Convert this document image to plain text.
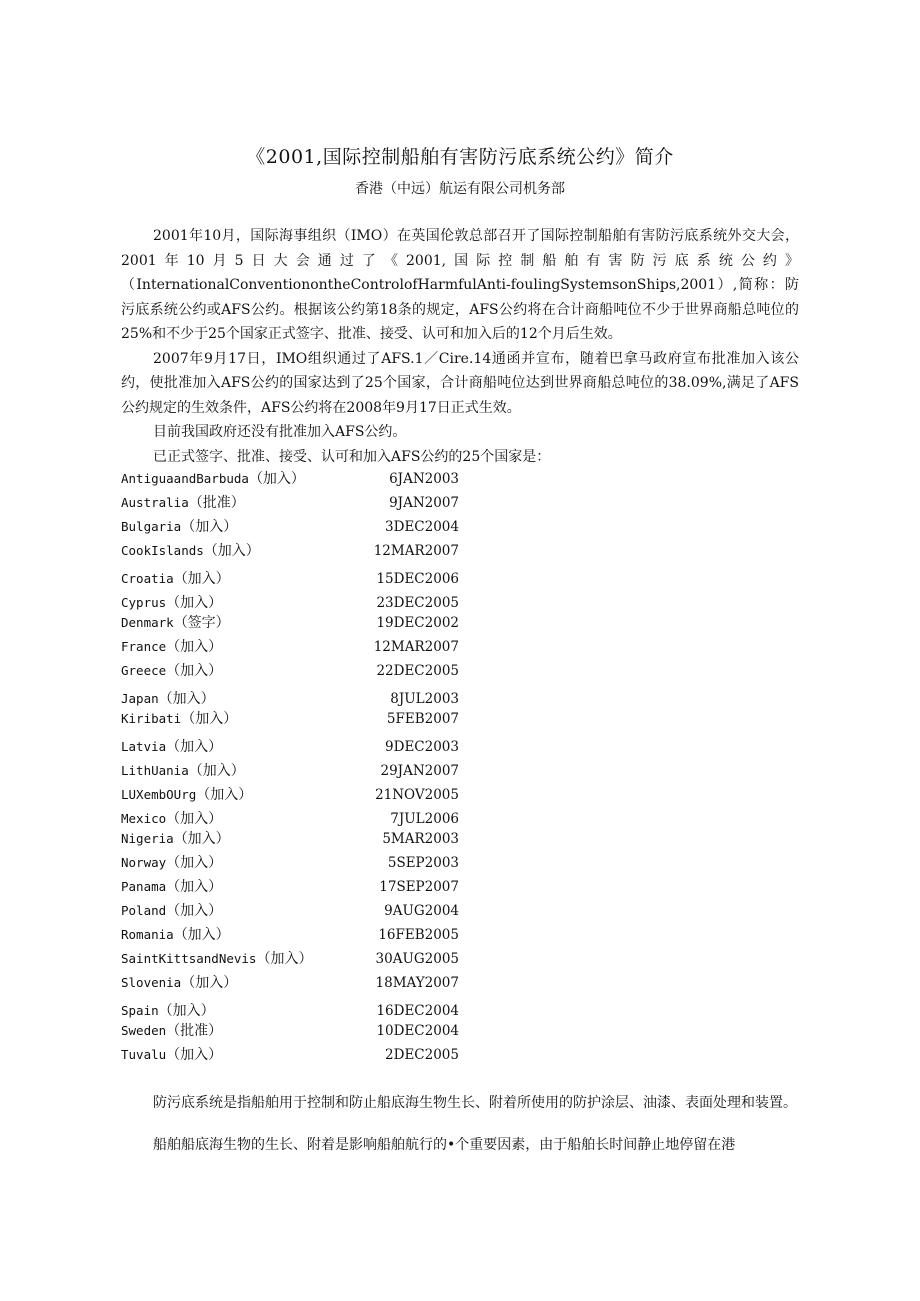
《2001,国际控制船舶有害防污底系统公约》简介
香港（中远）航运有限公司机务部

2001年10月，国际海事组织（IMO）在英国伦敦总部召开了国际控制船舶有害防污底系统外交大会，2001年10月5日大会通过了《2001,国际控制船舶有害防污底系统公约》（InternationalConventionontheControlofHarmfulAnti-foulingSystemsonShips,2001）,简称：防污底系统公约或AFS公约。根据该公约第18条的规定，AFS公约将在合计商船吨位不少于世界商船总吨位的25%和不少于25个国家正式签字、批准、接受、认可和加入后的12个月后生效。

2007年9月17日，IMO组织通过了AFS.1／Cire.14通函并宣布，随着巴拿马政府宣布批准加入该公约，使批准加入AFS公约的国家达到了25个国家，合计商船吨位达到世界商船总吨位的38.09%,满足了AFS公约规定的生效条件，AFS公约将在2008年9月17日正式生效。

目前我国政府还没有批准加入AFS公约。

已正式签字、批准、接受、认可和加入AFS公约的25个国家是：

AntiguaandBarbuda（加入）	6JAN2003
Australia（批准）	9JAN2007
Bulgaria（加入）	3DEC2004
CookIslands（加入）	12MAR2007
Croatia（加入）	15DEC2006
Cyprus（加入）	23DEC2005
Denmark（签字）	19DEC2002
France（加入）	12MAR2007
Greece（加入）	22DEC2005
Japan（加入）	8JUL2003
Kiribati（加入）	5FEB2007
Latvia（加入）	9DEC2003
LithUania（加入）	29JAN2007
LUXembOUrg（加入）	21NOV2005
Mexico（加入）	7JUL2006
Nigeria（加入）	5MAR2003
Norway（加入）	5SEP2003
Panama（加入）	17SEP2007
Poland（加入）	9AUG2004
Romania（加入）	16FEB2005
SaintKittsandNevis（加入）	30AUG2005
Slovenia（加入）	18MAY2007
Spain（加入）	16DEC2004
Sweden（批准）	10DEC2004
Tuvalu（加入）	2DEC2005

防污底系统是指船舶用于控制和防止船底海生物生长、附着所使用的防护涂层、油漆、表面处理和装置。

船舶船底海生物的生长、附着是影响船舶航行的•个重要因素，由于船舶长时间静止地停留在港
